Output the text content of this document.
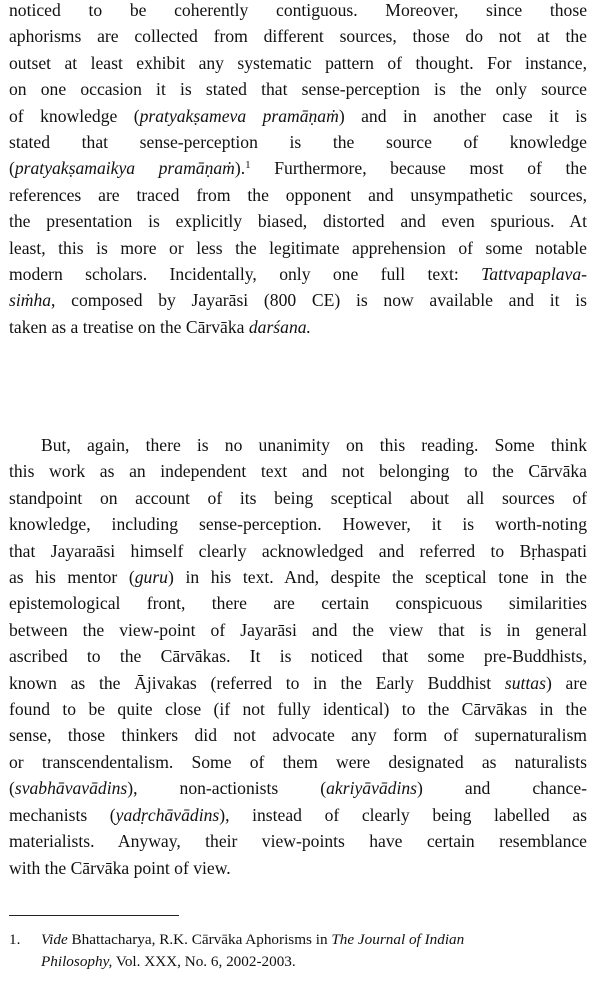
noticed to be coherently contiguous. Moreover, since those
aphorisms are collected from different sources, those do not at the
outset at least exhibit any systematic pattern of thought. For instance,
on one occasion it is stated that sense-perception is the only source
of knowledge (pratyakṣameva pramāṇaṁ) and in another case it is
stated that sense-perception is the source of knowledge
(pratyakṣamaikya pramāṇaṁ).$^1$ Furthermore, because most of the
references are traced from the opponent and unsympathetic sources,
the presentation is explicitly biased, distorted and even spurious. At
least, this is more or less the legitimate apprehension of some notable
modern scholars. Incidentally, only one full text: Tattvapaplava-
siṁha, composed by Jayarāsi (800 CE) is now available and it is
taken as a treatise on the Cārvāka darśana.
But, again, there is no unanimity on this reading. Some think
this work as an independent text and not belonging to the Cārvāka
standpoint on account of its being sceptical about all sources of
knowledge, including sense-perception. However, it is worth-noting
that Jayaraāsi himself clearly acknowledged and referred to Bṛhaspati
as his mentor (guru) in his text. And, despite the sceptical tone in the
epistemological front, there are certain conspicuous similarities
between the view-point of Jayarāsi and the view that is in general
ascribed to the Cārvākas. It is noticed that some pre-Buddhists,
known as the Ājivakas (referred to in the Early Buddhist suttas) are
found to be quite close (if not fully identical) to the Cārvākas in the
sense, those thinkers did not advocate any form of supernaturalism
or transcendentalism. Some of them were designated as naturalists
(svabhāvavādins), non-actionists (akriyāvādins) and chance-
mechanists (yadṛchāvādins), instead of clearly being labelled as
materialists. Anyway, their view-points have certain resemblance
with the Cārvāka point of view.
1. Vide Bhattacharya, R.K. Cārvāka Aphorisms in The Journal of Indian
Philosophy, Vol. XXX, No. 6, 2002-2003.
